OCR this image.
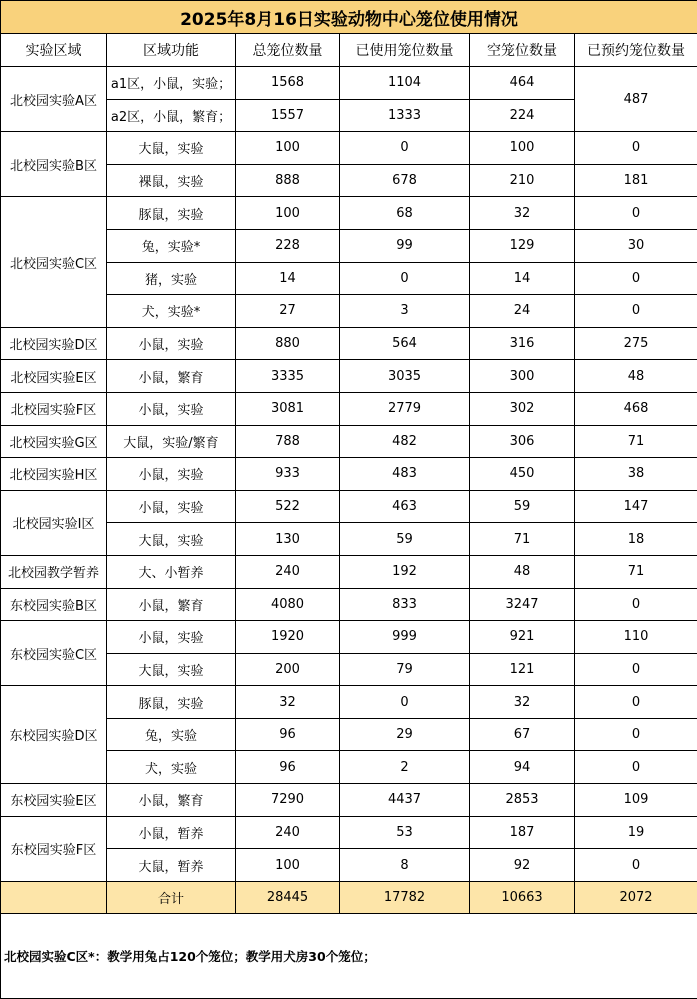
2025年8月16日实验动物中心笼位使用情况					
实验区域	区域功能	总笼位数量	已使用笼位数量	空笼位数量	已预约笼位数量
北校园实验A区	a1区，小鼠，实验；	1568	1104	464	487
	a2区，小鼠，繁育；	1557	1333	224	
北校园实验B区	大鼠，实验	100	0	100	0
	裸鼠，实验	888	678	210	181
北校园实验C区	豚鼠，实验	100	68	32	0
	兔，实验*	228	99	129	30
	猪，实验	14	0	14	0
	犬，实验*	27	3	24	0
北校园实验D区	小鼠，实验	880	564	316	275
北校园实验E区	小鼠，繁育	3335	3035	300	48
北校园实验F区	小鼠，实验	3081	2779	302	468
北校园实验G区	大鼠，实验/繁育	788	482	306	71
北校园实验H区	小鼠，实验	933	483	450	38
北校园实验I区	小鼠，实验	522	463	59	147
	大鼠，实验	130	59	71	18
北校园教学暂养	大、小暂养	240	192	48	71
东校园实验B区	小鼠，繁育	4080	833	3247	0
东校园实验C区	小鼠，实验	1920	999	921	110
	大鼠，实验	200	79	121	0
东校园实验D区	豚鼠，实验	32	0	32	0
	兔，实验	96	29	67	0
	犬，实验	96	2	94	0
东校园实验E区	小鼠，繁育	7290	4437	2853	109
东校园实验F区	小鼠，暂养	240	53	187	19
	大鼠，暂养	100	8	92	0
	合计	28445	17782	10663	2072
北校园实验C区*：教学用兔占120个笼位；教学用犬房30个笼位；					
